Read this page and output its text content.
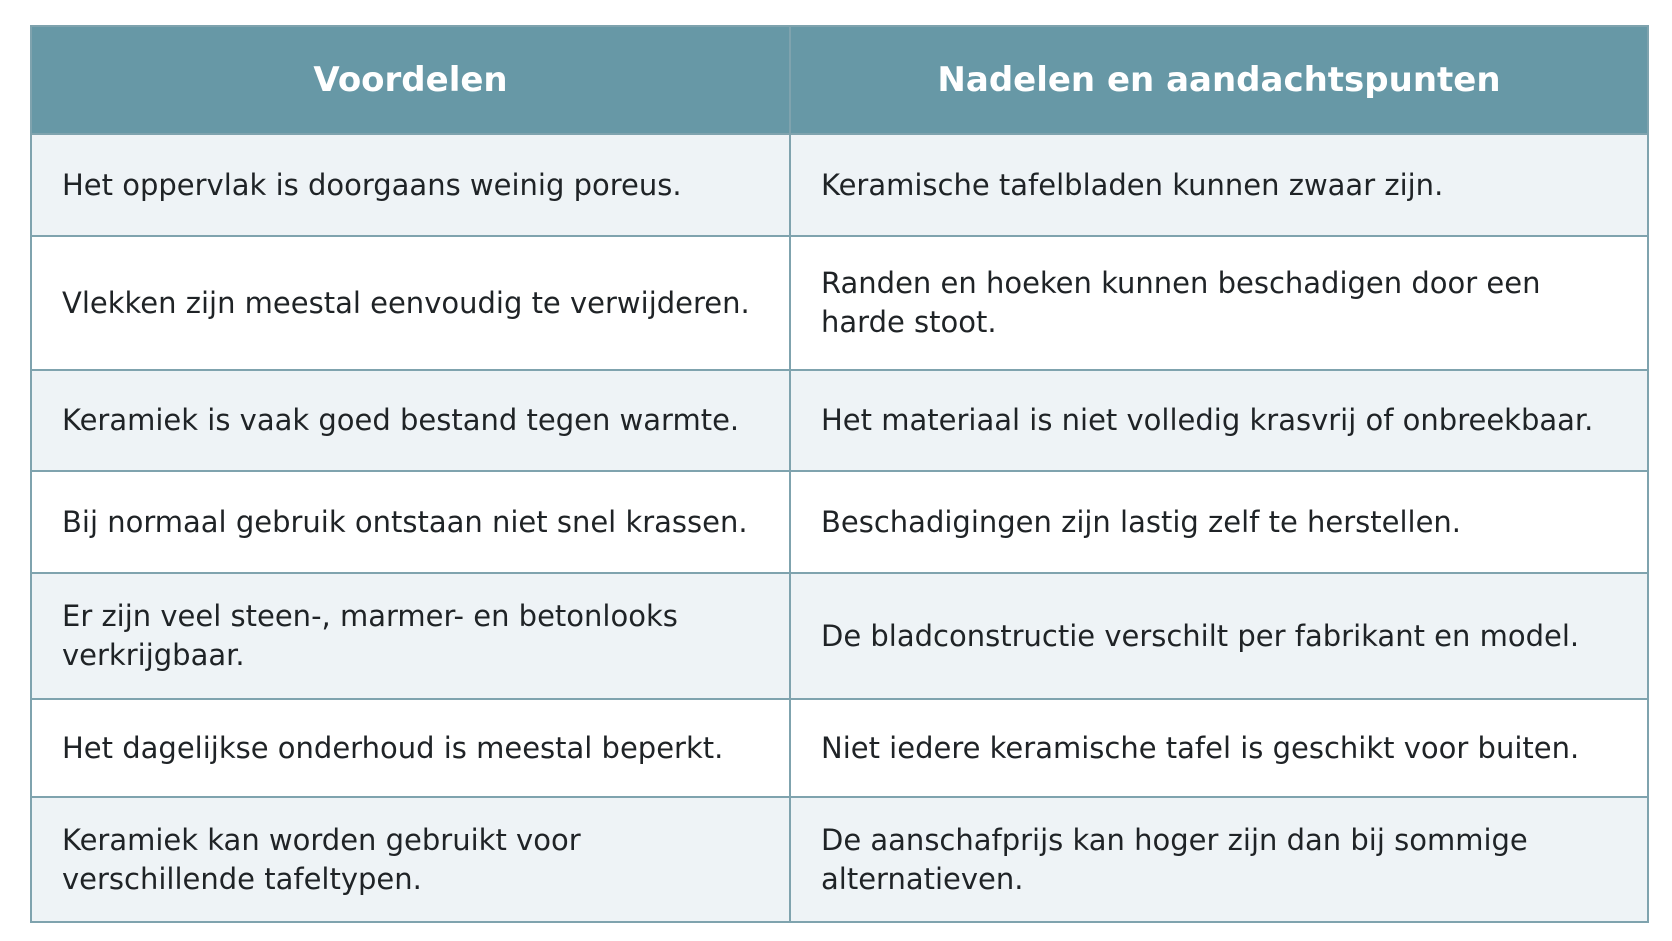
Voordelen	Nadelen en aandachtspunten
Het oppervlak is doorgaans weinig poreus.	Keramische tafelbladen kunnen zwaar zijn.
Vlekken zijn meestal eenvoudig te verwijderen.	Randen en hoeken kunnen beschadigen door een harde stoot.
Keramiek is vaak goed bestand tegen warmte.	Het materiaal is niet volledig krasvrij of onbreekbaar.
Bij normaal gebruik ontstaan niet snel krassen.	Beschadigingen zijn lastig zelf te herstellen.
Er zijn veel steen-, marmer- en betonlooks verkrijgbaar.	De bladconstructie verschilt per fabrikant en model.
Het dagelijkse onderhoud is meestal beperkt.	Niet iedere keramische tafel is geschikt voor buiten.
Keramiek kan worden gebruikt voor verschillende tafeltypen.	De aanschafprijs kan hoger zijn dan bij sommige alternatieven.
